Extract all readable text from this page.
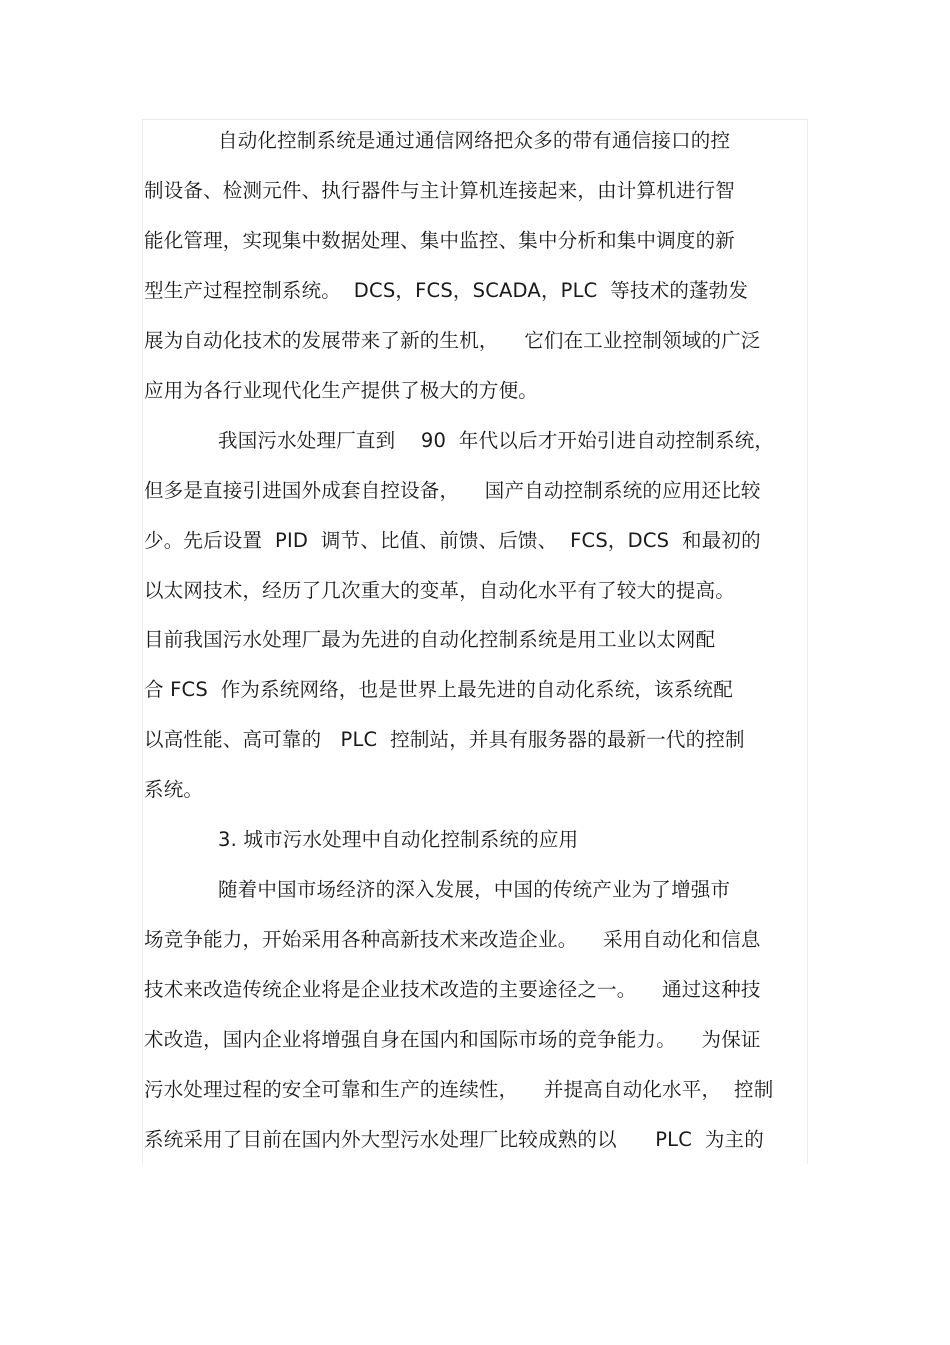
自动化控制系统是通过通信网络把众多的带有通信接口的控
制设备、检测元件、执行器件与主计算机连接起来，由计算机进行智
能化管理，实现集中数据处理、集中监控、集中分析和集中调度的新
型生产过程控制系统。  DCS，FCS，SCADA，PLC  等技术的蓬勃发
展为自动化技术的发展带来了新的生机，    它们在工业控制领域的广泛
应用为各行业现代化生产提供了极大的方便。
我国污水处理厂直到    90  年代以后才开始引进自动控制系统，
但多是直接引进国外成套自控设备，    国产自动控制系统的应用还比较
少。先后设置  PID  调节、比值、前馈、后馈、  FCS，DCS  和最初的
以太网技术，经历了几次重大的变革，自动化水平有了较大的提高。
目前我国污水处理厂最为先进的自动化控制系统是用工业以太网配
合 FCS  作为系统网络，也是世界上最先进的自动化系统，该系统配
以高性能、高可靠的   PLC  控制站，并具有服务器的最新一代的控制
系统。
3. 城市污水处理中自动化控制系统的应用
随着中国市场经济的深入发展，中国的传统产业为了增强市
场竞争能力，开始采用各种高新技术来改造企业。    采用自动化和信息
技术来改造传统企业将是企业技术改造的主要途径之一。    通过这种技
术改造，国内企业将增强自身在国内和国际市场的竞争能力。    为保证
污水处理过程的安全可靠和生产的连续性，    并提高自动化水平，  控制
系统采用了目前在国内外大型污水处理厂比较成熟的以      PLC  为主的
